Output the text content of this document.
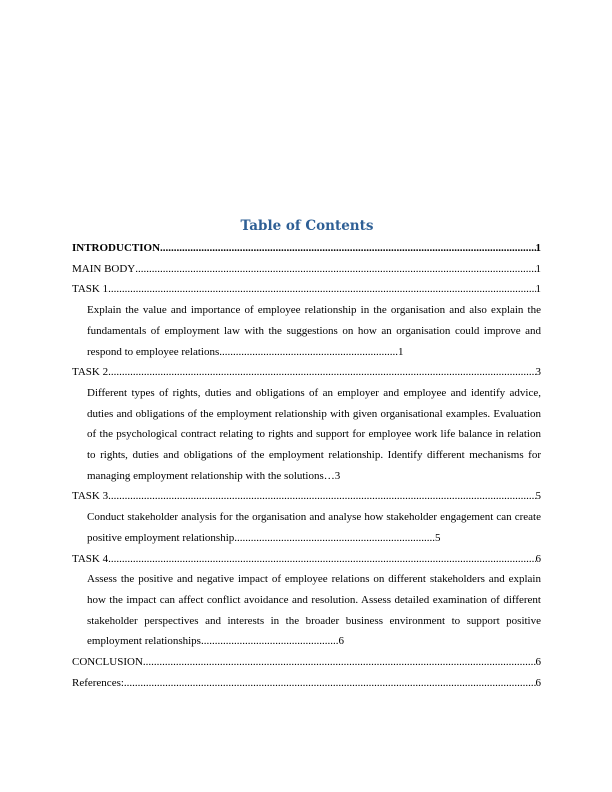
Table of Contents
INTRODUCTION .....	1
MAIN BODY .....	1
TASK 1 .....	1
Explain the value and importance of employee relationship in the organisation and also explain the fundamentals of employment law with the suggestions on how an organisation could improve and respond to employee relations.................................................................1
TASK 2 .....	3
Different types of rights, duties and obligations of an employer and employee and identify advice, duties and obligations of the employment relationship with given organisational examples. Evaluation of the psychological contract relating to rights and support for employee work life balance in relation to rights, duties and obligations of the employment relationship. Identify different mechanisms for managing employment relationship with the solutions…3
TASK 3 .....	5
Conduct stakeholder analysis for the organisation and analyse how stakeholder engagement can create positive employment relationship.........................................................................5
TASK 4 .....	6
Assess the positive and negative impact of employee relations on different stakeholders and explain how the impact can affect conflict avoidance and resolution. Assess detailed examination of different stakeholder perspectives and interests in the broader business environment to support positive employment relationships..................................................6
CONCLUSION .....	6
References: .....	6
